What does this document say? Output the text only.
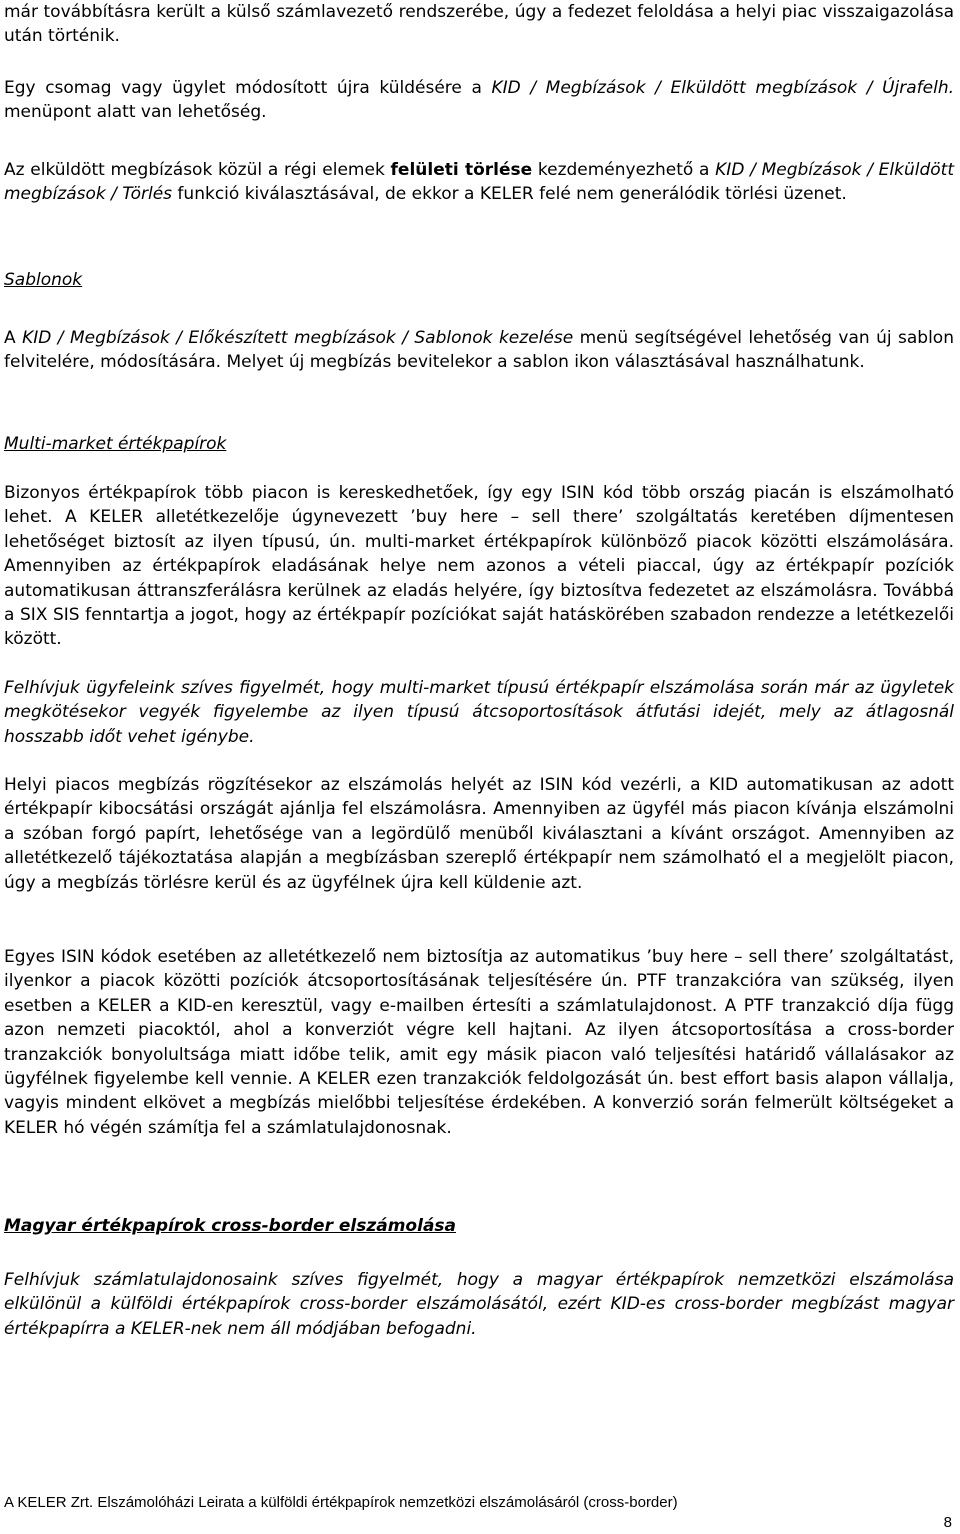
már továbbításra került a külső számlavezető rendszerébe, úgy a fedezet feloldása a helyi piac visszaigazolása után történik.

Egy csomag vagy ügylet módosított újra küldésére a KID / Megbízások / Elküldött megbízások / Újrafelh. menüpont alatt van lehetőség.

Az elküldött megbízások közül a régi elemek felületi törlése kezdeményezhető a KID / Megbízások / Elküldött megbízások / Törlés funkció kiválasztásával, de ekkor a KELER felé nem generálódik törlési üzenet.

Sablonok

A KID / Megbízások / Előkészített megbízások / Sablonok kezelése menü segítségével lehetőség van új sablon felvitelére, módosítására. Melyet új megbízás bevitelekor a sablon ikon választásával használhatunk.

Multi-market értékpapírok

Bizonyos értékpapírok több piacon is kereskedhetőek, így egy ISIN kód több ország piacán is elszámolható lehet. A KELER alletétkezelője úgynevezett ’buy here – sell there’ szolgáltatás keretében díjmentesen lehetőséget biztosít az ilyen típusú, ún. multi-market értékpapírok különböző piacok közötti elszámolására. Amennyiben az értékpapírok eladásának helye nem azonos a vételi piaccal, úgy az értékpapír pozíciók automatikusan áttranszferálásra kerülnek az eladás helyére, így biztosítva fedezetet az elszámolásra. Továbbá a SIX SIS fenntartja a jogot, hogy az értékpapír pozíciókat saját hatáskörében szabadon rendezze a letétkezelői között.

Felhívjuk ügyfeleink szíves figyelmét, hogy multi-market típusú értékpapír elszámolása során már az ügyletek megkötésekor vegyék figyelembe az ilyen típusú átcsoportosítások átfutási idejét, mely az átlagosnál hosszabb időt vehet igénybe.

Helyi piacos megbízás rögzítésekor az elszámolás helyét az ISIN kód vezérli, a KID automatikusan az adott értékpapír kibocsátási országát ajánlja fel elszámolásra. Amennyiben az ügyfél más piacon kívánja elszámolni a szóban forgó papírt, lehetősége van a legördülő menüből kiválasztani a kívánt országot. Amennyiben az alletétkezelő tájékoztatása alapján a megbízásban szereplő értékpapír nem számolható el a megjelölt piacon, úgy a megbízás törlésre kerül és az ügyfélnek újra kell küldenie azt.

Egyes ISIN kódok esetében az alletétkezelő nem biztosítja az automatikus ’buy here – sell there’ szolgáltatást, ilyenkor a piacok közötti pozíciók átcsoportosításának teljesítésére ún. PTF tranzakcióra van szükség, ilyen esetben a KELER a KID-en keresztül, vagy e-mailben értesíti a számlatulajdonost. A PTF tranzakció díja függ azon nemzeti piacoktól, ahol a konverziót végre kell hajtani. Az ilyen átcsoportosítása a cross-border tranzakciók bonyolultsága miatt időbe telik, amit egy másik piacon való teljesítési határidő vállalásakor az ügyfélnek figyelembe kell vennie. A KELER ezen tranzakciók feldolgozását ún. best effort basis alapon vállalja, vagyis mindent elkövet a megbízás mielőbbi teljesítése érdekében. A konverzió során felmerült költségeket a KELER hó végén számítja fel a számlatulajdonosnak.

Magyar értékpapírok cross-border elszámolása

Felhívjuk számlatulajdonosaink szíves figyelmét, hogy a magyar értékpapírok nemzetközi elszámolása elkülönül a külföldi értékpapírok cross-border elszámolásától, ezért KID-es cross-border megbízást magyar értékpapírra a KELER-nek nem áll módjában befogadni.

A KELER Zrt. Elszámolóházi Leirata a külföldi értékpapírok nemzetközi elszámolásáról (cross-border)
8
